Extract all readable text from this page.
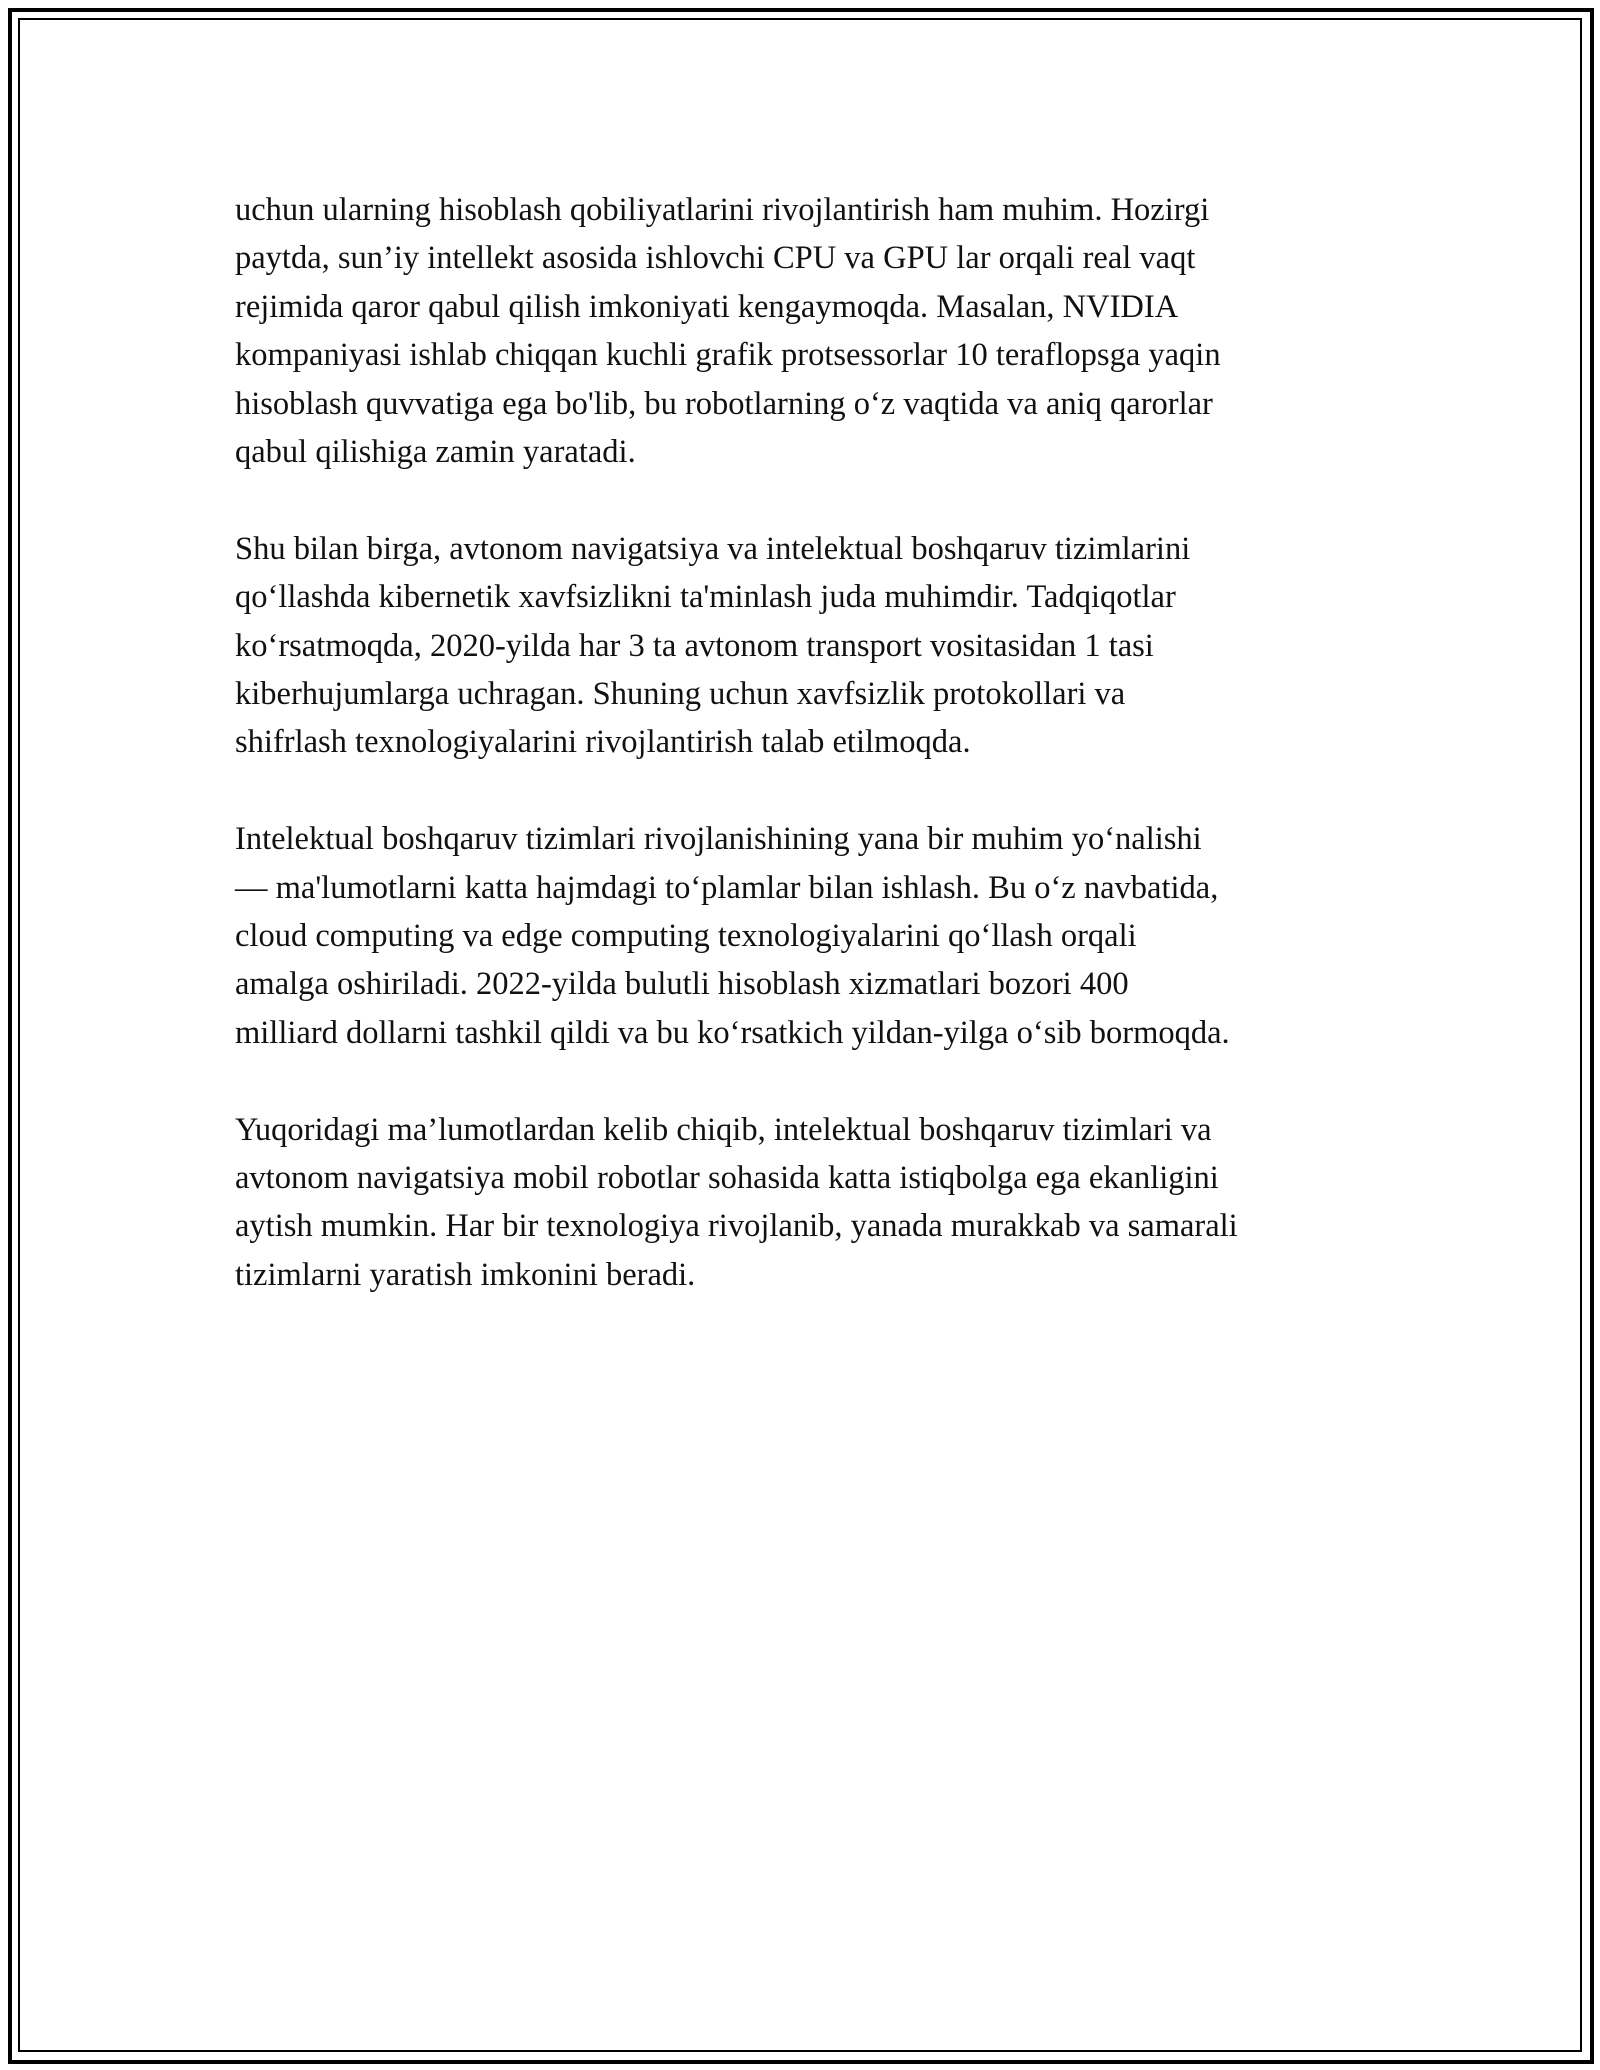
uchun ularning hisoblash qobiliyatlarini rivojlantirish ham muhim. Hozirgi
paytda, sun’iy intellekt asosida ishlovchi CPU va GPU lar orqali real vaqt
rejimida qaror qabul qilish imkoniyati kengaymoqda. Masalan, NVIDIA
kompaniyasi ishlab chiqqan kuchli grafik protsessorlar 10 teraflopsga yaqin
hisoblash quvvatiga ega bo'lib, bu robotlarning o‘z vaqtida va aniq qarorlar
qabul qilishiga zamin yaratadi.

Shu bilan birga, avtonom navigatsiya va intelektual boshqaruv tizimlarini
qo‘llashda kibernetik xavfsizlikni ta'minlash juda muhimdir. Tadqiqotlar
ko‘rsatmoqda, 2020-yilda har 3 ta avtonom transport vositasidan 1 tasi
kiberhujumlarga uchragan. Shuning uchun xavfsizlik protokollari va
shifrlash texnologiyalarini rivojlantirish talab etilmoqda.

Intelektual boshqaruv tizimlari rivojlanishining yana bir muhim yo‘nalishi
— ma'lumotlarni katta hajmdagi to‘plamlar bilan ishlash. Bu o‘z navbatida,
cloud computing va edge computing texnologiyalarini qo‘llash orqali
amalga oshiriladi. 2022-yilda bulutli hisoblash xizmatlari bozori 400
milliard dollarni tashkil qildi va bu ko‘rsatkich yildan-yilga o‘sib bormoqda.

Yuqoridagi ma’lumotlardan kelib chiqib, intelektual boshqaruv tizimlari va
avtonom navigatsiya mobil robotlar sohasida katta istiqbolga ega ekanligini
aytish mumkin. Har bir texnologiya rivojlanib, yanada murakkab va samarali
tizimlarni yaratish imkonini beradi.
